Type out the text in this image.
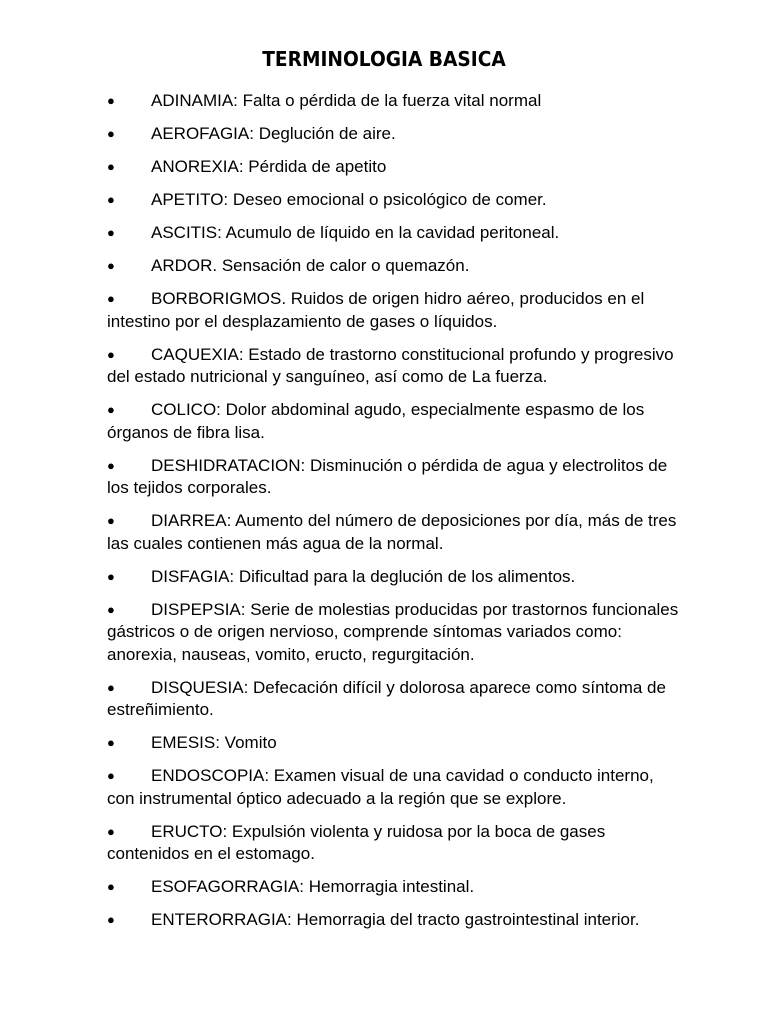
TERMINOLOGIA BASICA
● ADINAMIA: Falta o pérdida de la fuerza vital normal
● AEROFAGIA: Deglución de aire.
● ANOREXIA: Pérdida de apetito
● APETITO: Deseo emocional o psicológico de comer.
● ASCITIS: Acumulo de líquido en la cavidad peritoneal.
● ARDOR. Sensación de calor o quemazón.
● BORBORIGMOS. Ruidos de origen hidro aéreo, producidos en el intestino por el desplazamiento de gases o líquidos.
● CAQUEXIA: Estado de trastorno constitucional profundo y progresivo del estado nutricional y sanguíneo, así como de La fuerza.
● COLICO: Dolor abdominal agudo, especialmente espasmo de los órganos de fibra lisa.
● DESHIDRATACION: Disminución o pérdida de agua y electrolitos de los tejidos corporales.
● DIARREA: Aumento del número de deposiciones por día, más de tres las cuales contienen más agua de la normal.
● DISFAGIA: Dificultad para la deglución de los alimentos.
● DISPEPSIA: Serie de molestias producidas por trastornos funcionales gástricos o de origen nervioso, comprende síntomas variados como: anorexia, nauseas, vomito, eructo, regurgitación.
● DISQUESIA: Defecación difícil y dolorosa aparece como síntoma de estreñimiento.
● EMESIS: Vomito
● ENDOSCOPIA: Examen visual de una cavidad o conducto interno, con instrumental óptico adecuado a la región que se explore.
● ERUCTO: Expulsión violenta y ruidosa por la boca de gases contenidos en el estomago.
● ESOFAGORRAGIA: Hemorragia intestinal.
● ENTERORRAGIA: Hemorragia del tracto gastrointestinal interior.
